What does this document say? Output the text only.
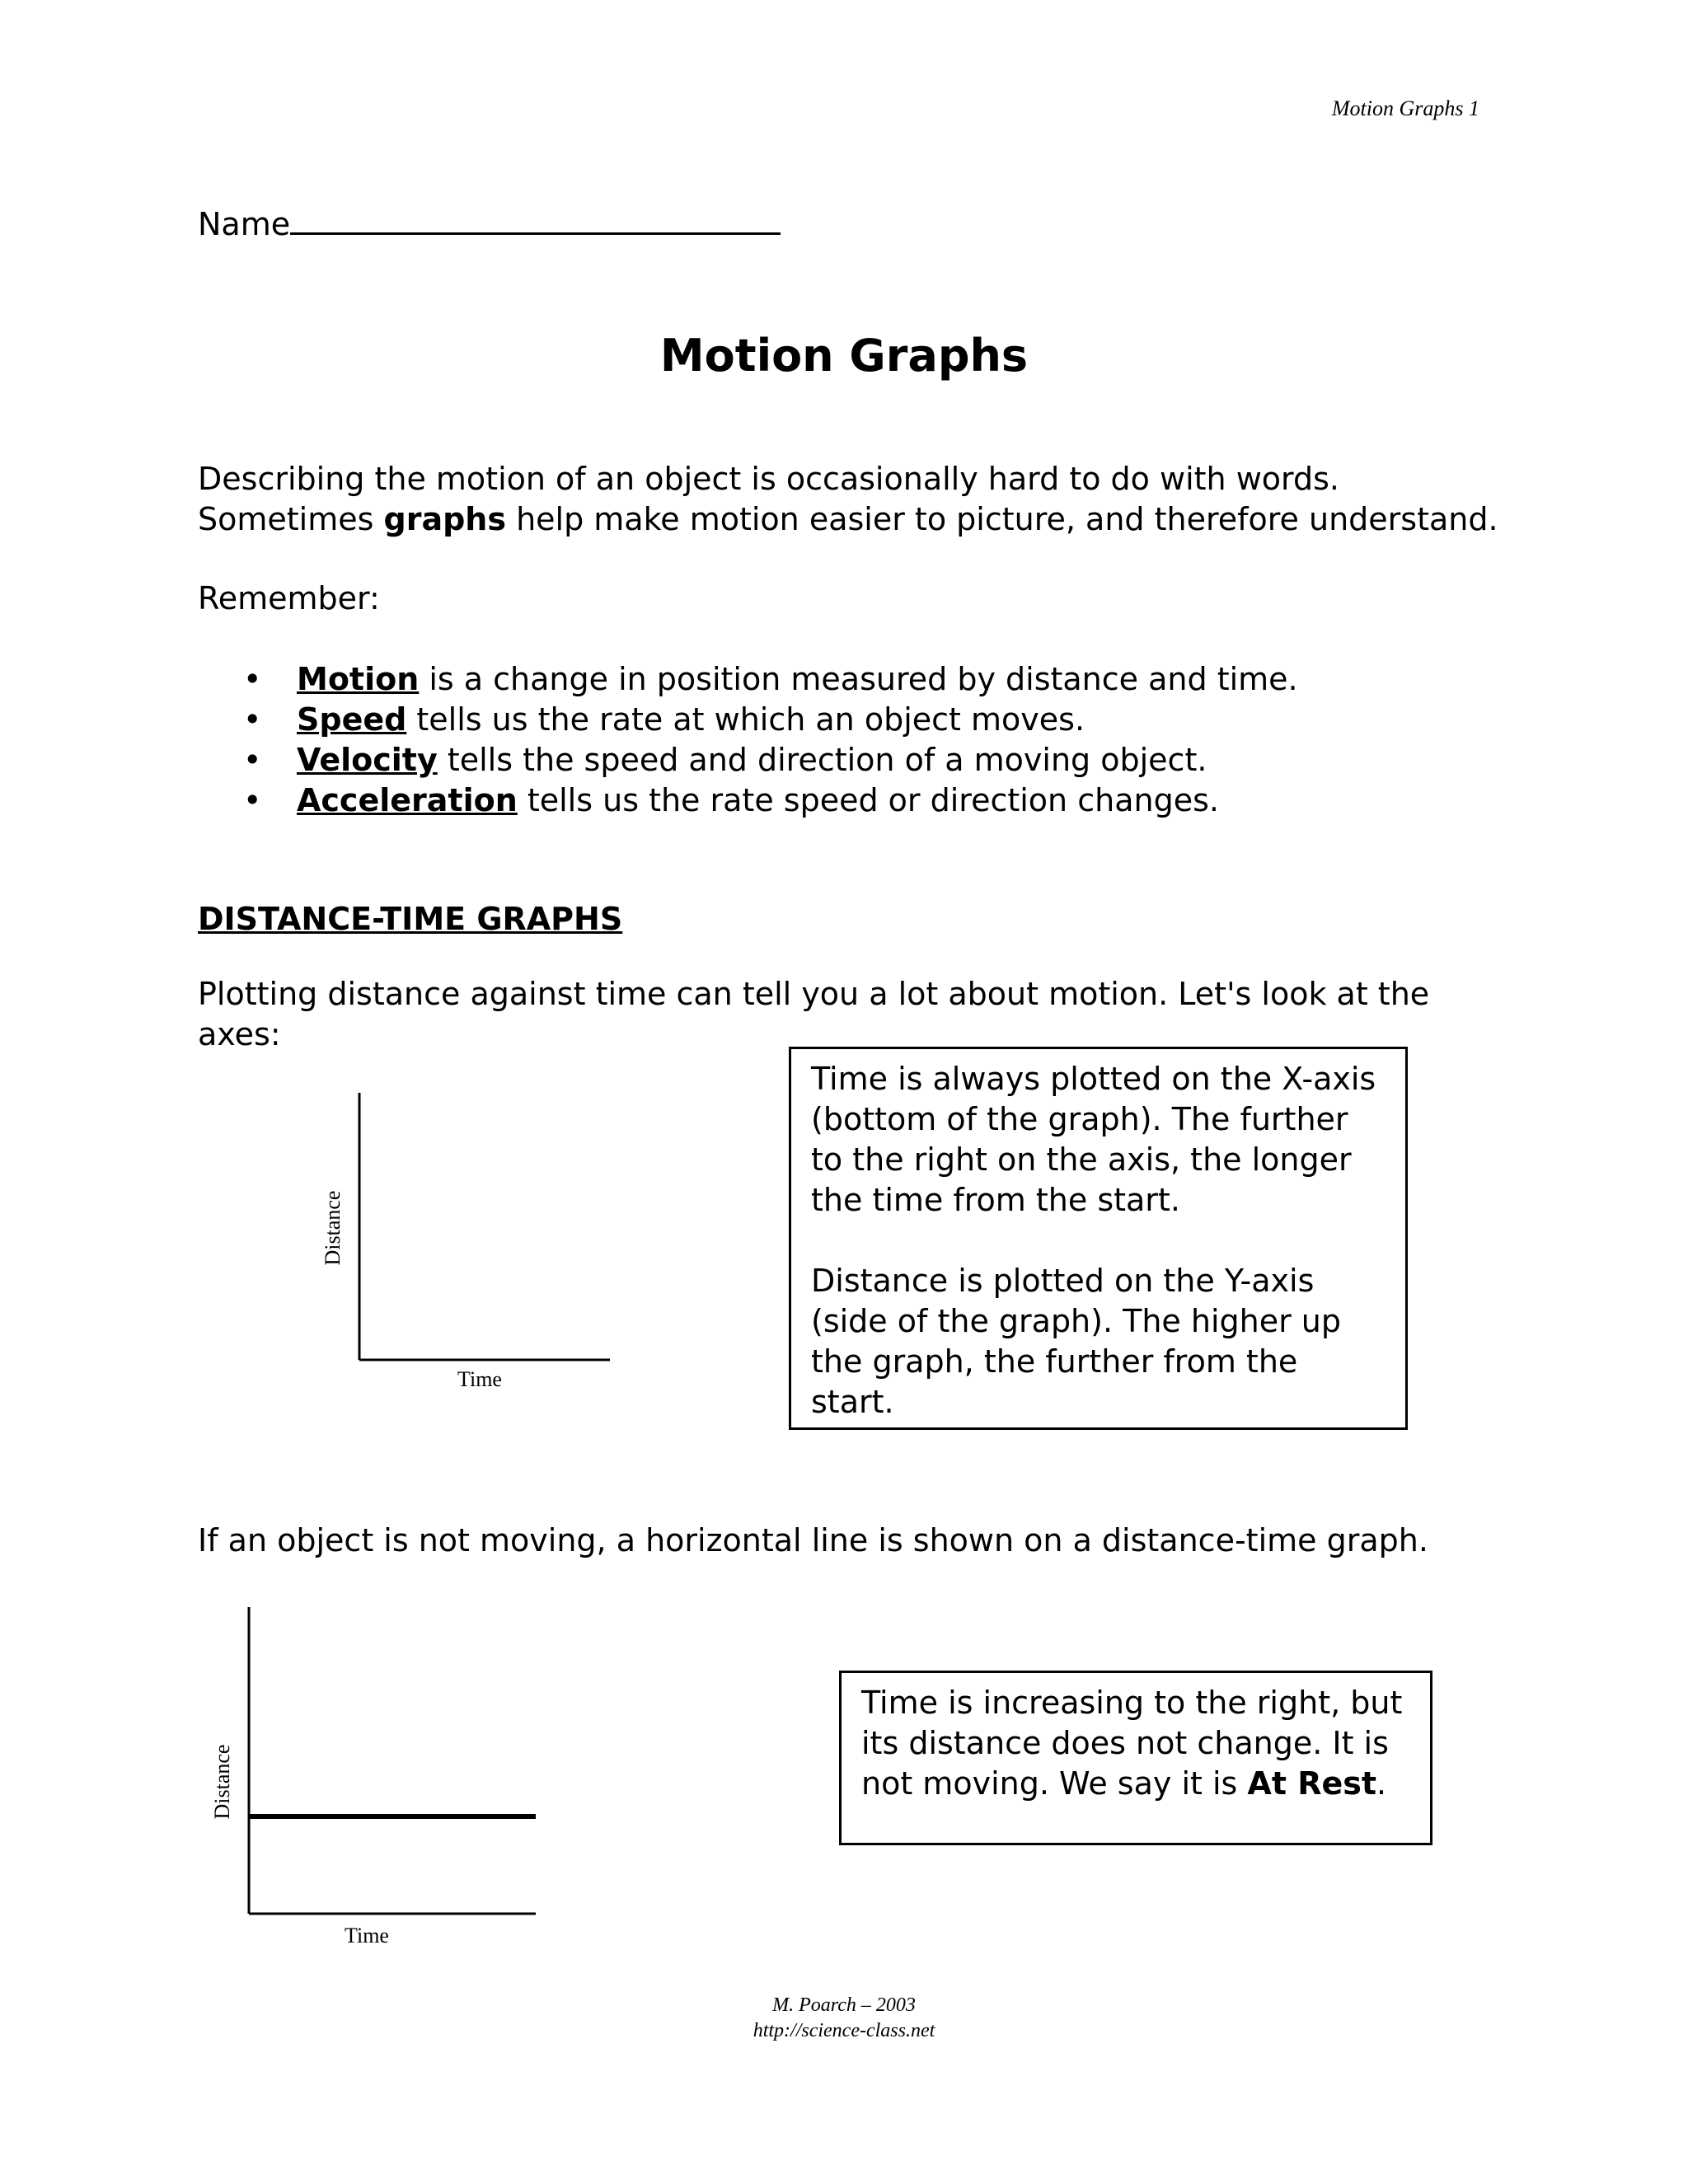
Motion Graphs 1
Name
Motion Graphs
Describing the motion of an object is occasionally hard to do with words. Sometimes graphs help make motion easier to picture, and therefore understand.
Remember:
• Motion is a change in position measured by distance and time.
• Speed tells us the rate at which an object moves.
• Velocity tells the speed and direction of a moving object.
• Acceleration tells us the rate speed or direction changes.
DISTANCE-TIME GRAPHS
Plotting distance against time can tell you a lot about motion. Let's look at the axes:
Distance
Time

Time is always plotted on the X-axis (bottom of the graph). The further to the right on the axis, the longer the time from the start.

Distance is plotted on the Y-axis (side of the graph). The higher up the graph, the further from the start.

If an object is not moving, a horizontal line is shown on a distance-time graph.
Distance
Time

Time is increasing to the right, but its distance does not change. It is not moving. We say it is At Rest.

M. Poarch – 2003
http://science-class.net
